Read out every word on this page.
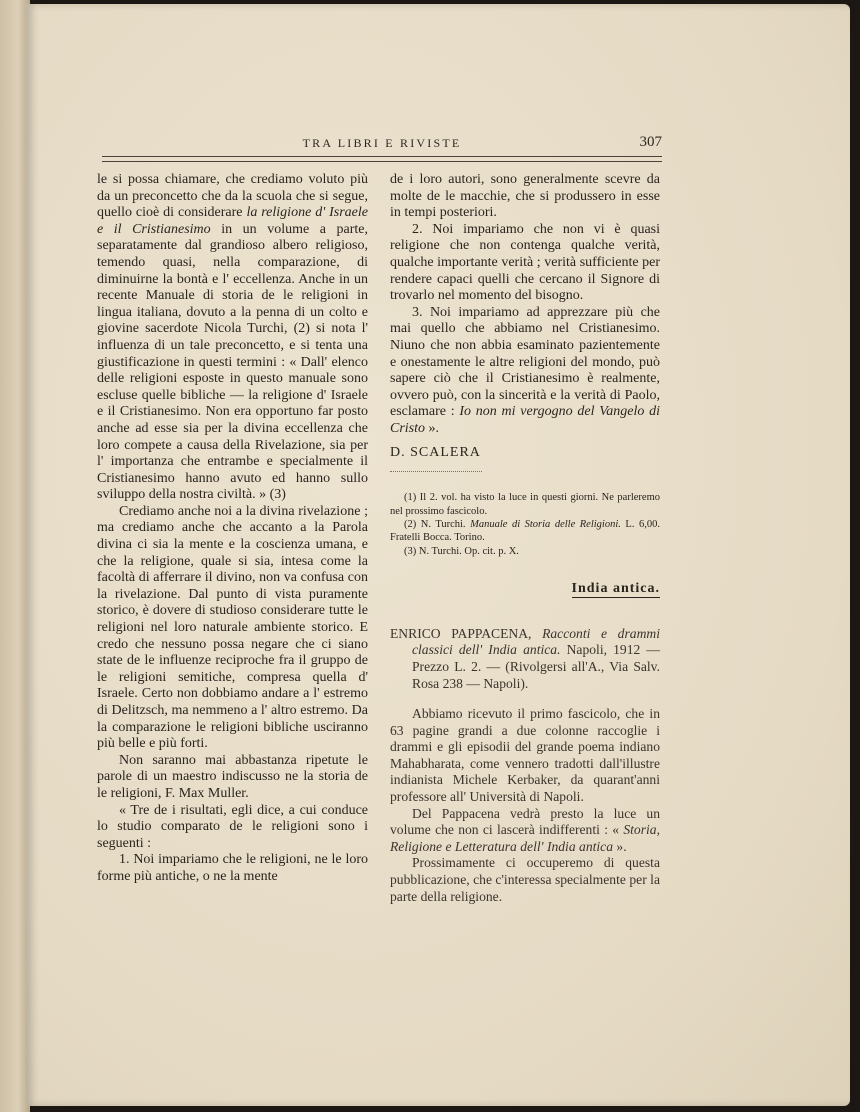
TRA LIBRI E RIVISTE	307

le si possa chiamare, che crediamo voluto più da un preconcetto che da la scuola che si segue, quello cioè di considerare la religione d' Israele e il Cristianesimo in un volume a parte, separatamente dal grandioso albero religioso, temendo quasi, nella comparazione, di diminuirne la bontà e l' eccellenza. Anche in un recente Manuale di storia de le religioni in lingua italiana, dovuto a la penna di un colto e giovine sacerdote Nicola Turchi, (2) si nota l' influenza di un tale preconcetto, e si tenta una giustificazione in questi termini : « Dall' elenco delle religioni esposte in questo manuale sono escluse quelle bibliche — la religione d' Israele e il Cristianesimo. Non era opportuno far posto anche ad esse sia per la divina eccellenza che loro compete a causa della Rivelazione, sia per l' importanza che entrambe e specialmente il Cristianesimo hanno avuto ed hanno sullo sviluppo della nostra civiltà. » (3)

Crediamo anche noi a la divina rivelazione ; ma crediamo anche che accanto a la Parola divina ci sia la mente e la coscienza umana, e che la religione, quale si sia, intesa come la facoltà di afferrare il divino, non va confusa con la rivelazione. Dal punto di vista puramente storico, è dovere di studioso considerare tutte le religioni nel loro naturale ambiente storico. E credo che nessuno possa negare che ci siano state de le influenze reciproche fra il gruppo de le religioni semitiche, compresa quella d' Israele. Certo non dobbiamo andare a l' estremo di Delitzsch, ma nemmeno a l' altro estremo. Da la comparazione le religioni bibliche usciranno più belle e più forti.

Non saranno mai abbastanza ripetute le parole di un maestro indiscusso ne la storia de le religioni, F. Max Muller.

« Tre de i risultati, egli dice, a cui conduce lo studio comparato de le religioni sono i seguenti :

1. Noi impariamo che le religioni, ne le loro forme più antiche, o ne la mente

de i loro autori, sono generalmente scevre da molte de le macchie, che si produssero in esse in tempi posteriori.

2. Noi impariamo che non vi è quasi religione che non contenga qualche verità, qualche importante verità ; verità sufficiente per rendere capaci quelli che cercano il Signore di trovarlo nel momento del bisogno.

3. Noi impariamo ad apprezzare più che mai quello che abbiamo nel Cristianesimo. Niuno che non abbia esaminato pazientemente e onestamente le altre religioni del mondo, può sapere ciò che il Cristianesimo è realmente, ovvero può, con la sincerità e la verità di Paolo, esclamare : Io non mi vergogno del Vangelo di Cristo ».

D. SCALERA

(1) Il 2. vol. ha visto la luce in questi giorni. Ne parleremo nel prossimo fascicolo.

(2) N. Turchi. Manuale di Storia delle Religioni. L. 6,00. Fratelli Bocca. Torino.

(3) N. Turchi. Op. cit. p. X.

India antica.

ENRICO PAPPACENA, Racconti e drammi classici dell' India antica. Napoli, 1912 — Prezzo L. 2. — (Rivolgersi all'A., Via Salv. Rosa 238 — Napoli).

Abbiamo ricevuto il primo fascicolo, che in 63 pagine grandi a due colonne raccoglie i drammi e gli episodii del grande poema indiano Mahabharata, come vennero tradotti dall'illustre indianista Michele Kerbaker, da quarant'anni professore all' Università di Napoli.

Del Pappacena vedrà presto la luce un volume che non ci lascerà indifferenti : « Storia, Religione e Letteratura dell' India antica ».

Prossimamente ci occuperemo di questa pubblicazione, che c'interessa specialmente per la parte della religione.
